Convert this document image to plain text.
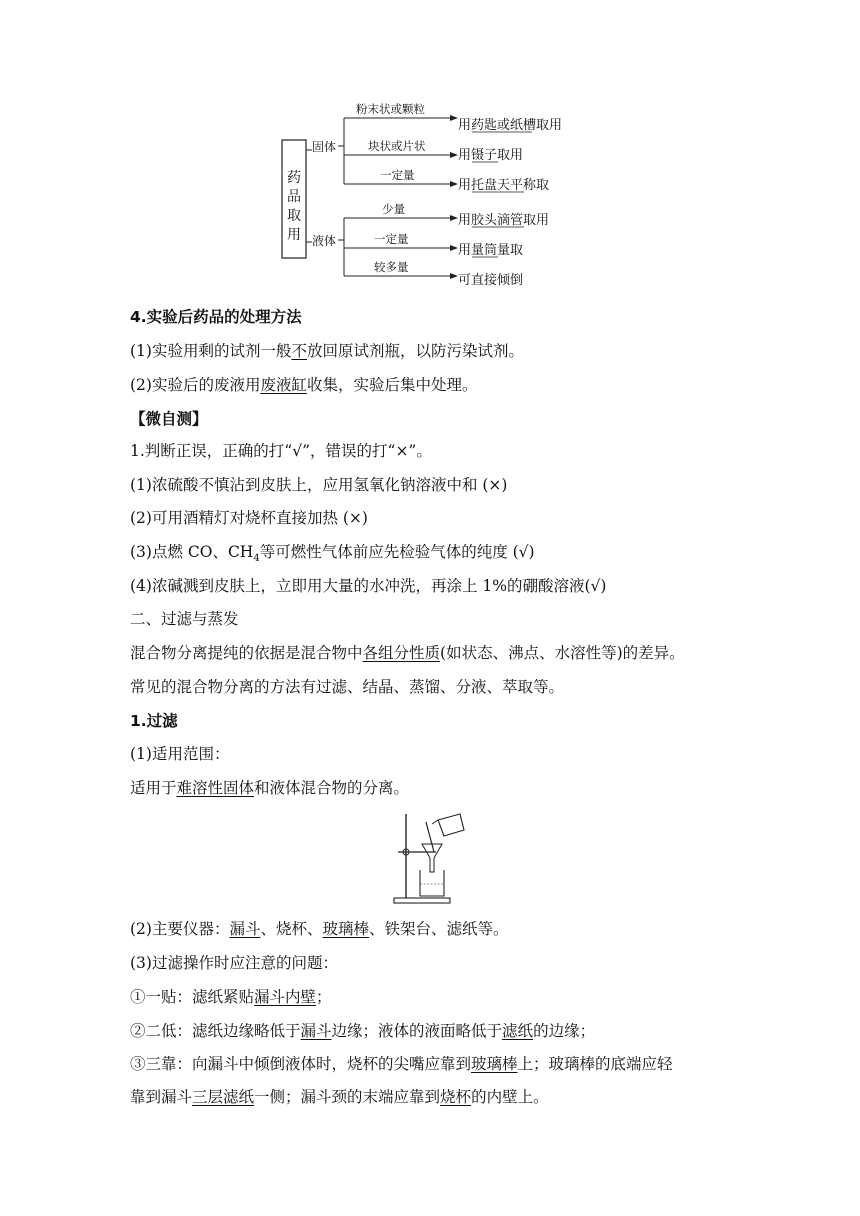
药
品
取
用
固体
液体
粉末状或颗粒
用药匙或纸槽取用
块状或片状
用镊子取用
一定量
用托盘天平称取
少量
用胶头滴管取用
一定量
用量筒量取
较多量
可直接倾倒
4.实验后药品的处理方法
(1)实验用剩的试剂一般不放回原试剂瓶，以防污染试剂。
(2)实验后的废液用废液缸收集，实验后集中处理。
【微自测】
1.判断正误，正确的打“√”，错误的打“×”。
(1)浓硫酸不慎沾到皮肤上，应用氢氧化钠溶液中和 (×)
(2)可用酒精灯对烧杯直接加热 (×)
(3)点燃 CO、$CH_4$等可燃性气体前应先检验气体的纯度 (√)
(4)浓碱溅到皮肤上，立即用大量的水冲洗，再涂上 1%的硼酸溶液(√)
二、过滤与蒸发
混合物分离提纯的依据是混合物中各组分性质(如状态、沸点、水溶性等)的差异。
常见的混合物分离的方法有过滤、结晶、蒸馏、分液、萃取等。
1.过滤
(1)适用范围：
适用于难溶性固体和液体混合物的分离。
(2)主要仪器：漏斗、烧杯、玻璃棒、铁架台、滤纸等。
(3)过滤操作时应注意的问题：
①一贴：滤纸紧贴漏斗内壁；
②二低：滤纸边缘略低于漏斗边缘；液体的液面略低于滤纸的边缘；
③三靠：向漏斗中倾倒液体时，烧杯的尖嘴应靠到玻璃棒上；玻璃棒的底端应轻
靠到漏斗三层滤纸一侧；漏斗颈的末端应靠到烧杯的内壁上。
